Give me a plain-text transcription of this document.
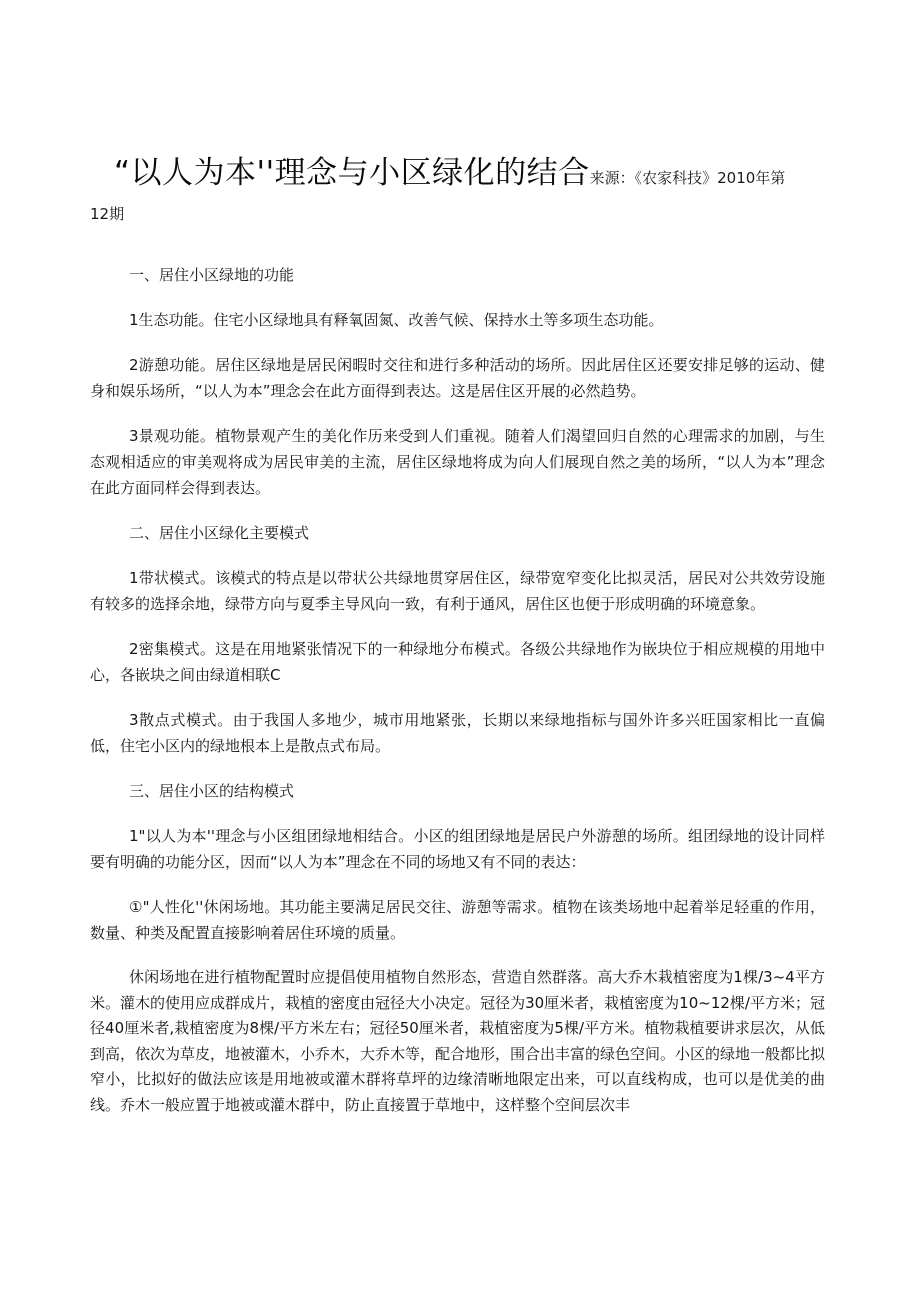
“以人为本''理念与小区绿化的结合来源：《农家科技》2010年第
12期

一、居住小区绿地的功能

1生态功能。住宅小区绿地具有释氧固氮、改善气候、保持水土等多项生态功能。

2游憩功能。居住区绿地是居民闲暇时交往和进行多种活动的场所。因此居住区还要安排足够的运动、健身和娱乐场所，“以人为本”理念会在此方面得到表达。这是居住区开展的必然趋势。

3景观功能。植物景观产生的美化作历来受到人们重视。随着人们渴望回归自然的心理需求的加剧，与生态观相适应的审美观将成为居民审美的主流，居住区绿地将成为向人们展现自然之美的场所，“以人为本”理念在此方面同样会得到表达。

二、居住小区绿化主要模式

1带状模式。该模式的特点是以带状公共绿地贯穿居住区，绿带宽窄变化比拟灵活，居民对公共效劳设施有较多的选择余地，绿带方向与夏季主导风向一致，有利于通风，居住区也便于形成明确的环境意象。

2密集模式。这是在用地紧张情况下的一种绿地分布模式。各级公共绿地作为嵌块位于相应规模的用地中心，各嵌块之间由绿道相联C

3散点式模式。由于我国人多地少，城市用地紧张，长期以来绿地指标与国外许多兴旺国家相比一直偏低，住宅小区内的绿地根本上是散点式布局。

三、居住小区的结构模式

1"以人为本''理念与小区组团绿地相结合。小区的组团绿地是居民户外游憩的场所。组团绿地的设计同样要有明确的功能分区，因而“以人为本”理念在不同的场地又有不同的表达：

①"人性化''休闲场地。其功能主要满足居民交往、游憩等需求。植物在该类场地中起着举足轻重的作用，数量、种类及配置直接影响着居住环境的质量。

休闲场地在进行植物配置时应提倡使用植物自然形态，营造自然群落。高大乔木栽植密度为1棵/3~4平方米。灌木的使用应成群成片，栽植的密度由冠径大小决定。冠径为30厘米者，栽植密度为10~12棵/平方米；冠径40厘米者,栽植密度为8棵/平方米左右；冠径50厘米者，栽植密度为5棵/平方米。植物栽植要讲求层次，从低到高，依次为草皮，地被灌木，小乔木，大乔木等，配合地形，围合出丰富的绿色空间。小区的绿地一般都比拟窄小，比拟好的做法应该是用地被或灌木群将草坪的边缘清晰地限定出来，可以直线构成，也可以是优美的曲线。乔木一般应置于地被或灌木群中，防止直接置于草地中，这样整个空间层次丰
